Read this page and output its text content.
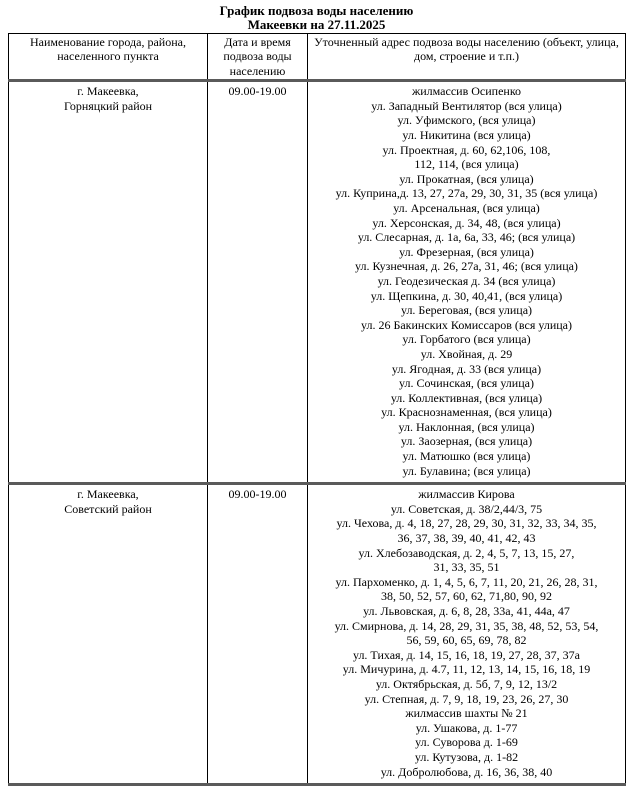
График подвоза воды населению
Макеевки на 27.11.2025
Наименование города, района, населенного пункта	Дата и время подвоза воды населению	Уточненный адрес подвоза воды населению (объект, улица, дом, строение и т.п.)

г. Макеевка,
Горняцкий район
	09.00-19.00	жилмассив Осипенко
ул. Западный Вентилятор (вся улица)
ул. Уфимского, (вся улица)
ул. Никитина (вся улица)
ул. Проектная, д. 60, 62,106, 108,
112, 114, (вся улица)
ул. Прокатная, (вся улица)
ул. Куприна,д. 13, 27, 27а, 29, 30, 31, 35 (вся улица)
ул. Арсенальная, (вся улица)
ул. Херсонская, д. 34, 48, (вся улица)
ул. Слесарная, д. 1а, 6а, 33, 46; (вся улица)
ул. Фрезерная, (вся улица)
ул. Кузнечная, д. 26, 27а, 31, 46; (вся улица)
ул. Геодезическая д. 34 (вся улица)
ул. Щепкина, д. 30, 40,41, (вся улица)
ул. Береговая, (вся улица)
ул. 26 Бакинских Комиссаров (вся улица)
ул. Горбатого (вся улица)
ул. Хвойная, д. 29
ул. Ягодная, д. 33 (вся улица)
ул. Сочинская, (вся улица)
ул. Коллективная, (вся улица)
ул. Краснознаменная, (вся улица)
ул. Наклонная, (вся улица)
ул. Заозерная, (вся улица)
ул. Матюшко (вся улица)
ул. Булавина; (вся улица)

г. Макеевка,
Советский район
	09.00-19.00	жилмассив Кирова
ул. Советская, д. 38/2,44/3, 75
ул. Чехова, д. 4, 18, 27, 28, 29, 30, 31, 32, 33, 34, 35,
36, 37, 38, 39, 40, 41, 42, 43
ул. Хлебозаводская, д. 2, 4, 5, 7, 13, 15, 27,
31, 33, 35, 51
ул. Пархоменко, д. 1, 4, 5, 6, 7, 11, 20, 21, 26, 28, 31,
38, 50, 52, 57, 60, 62, 71,80, 90, 92
ул. Львовская, д. 6, 8, 28, 33а, 41, 44а, 47
ул. Смирнова, д. 14, 28, 29, 31, 35, 38, 48, 52, 53, 54,
56, 59, 60, 65, 69, 78, 82
ул. Тихая, д. 14, 15, 16, 18, 19, 27, 28, 37, 37а
ул. Мичурина, д. 4.7, 11, 12, 13, 14, 15, 16, 18, 19
ул. Октябрьская, д. 5б, 7, 9, 12, 13/2
ул. Степная, д. 7, 9, 18, 19, 23, 26, 27, 30
жилмассив шахты № 21
ул. Ушакова, д. 1-77
ул. Суворова д. 1-69
ул. Кутузова, д. 1-82
ул. Добролюбова, д. 16, 36, 38, 40
